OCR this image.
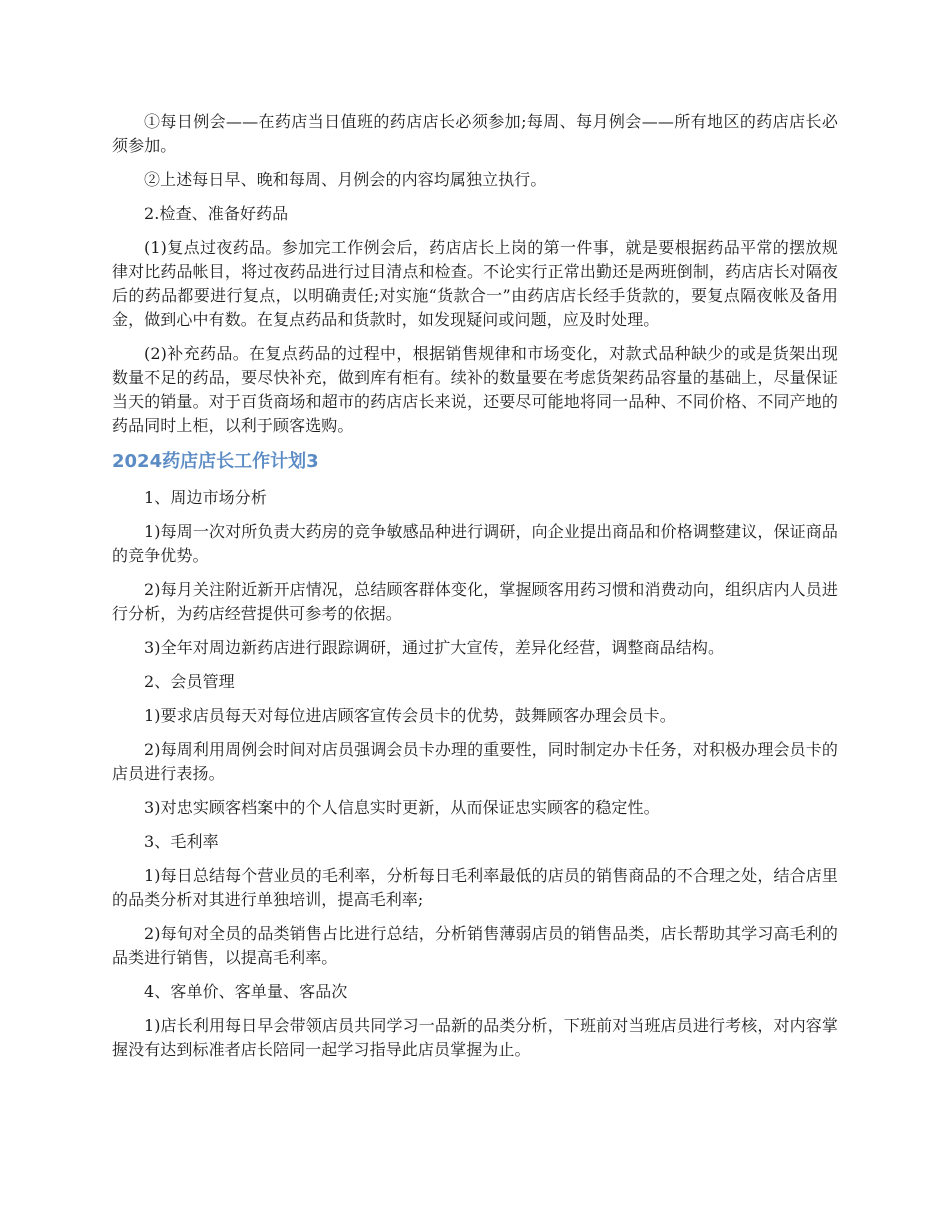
①每日例会——在药店当日值班的药店店长必须参加;每周、每月例会——所有地区的药店店长必须参加。

②上述每日早、晚和每周、月例会的内容均属独立执行。

2.检查、准备好药品

(1)复点过夜药品。参加完工作例会后，药店店长上岗的第一件事，就是要根据药品平常的摆放规律对比药品帐目，将过夜药品进行过目清点和检查。不论实行正常出勤还是两班倒制，药店店长对隔夜后的药品都要进行复点，以明确责任;对实施“货款合一”由药店店长经手货款的，要复点隔夜帐及备用金，做到心中有数。在复点药品和货款时，如发现疑问或问题，应及时处理。

(2)补充药品。在复点药品的过程中，根据销售规律和市场变化，对款式品种缺少的或是货架出现数量不足的药品，要尽快补充，做到库有柜有。续补的数量要在考虑货架药品容量的基础上，尽量保证当天的销量。对于百货商场和超市的药店店长来说，还要尽可能地将同一品种、不同价格、不同产地的药品同时上柜，以利于顾客选购。

2024药店店长工作计划3

1、周边市场分析

1)每周一次对所负责大药房的竞争敏感品种进行调研，向企业提出商品和价格调整建议，保证商品的竞争优势。

2)每月关注附近新开店情况，总结顾客群体变化，掌握顾客用药习惯和消费动向，组织店内人员进行分析，为药店经营提供可参考的依据。

3)全年对周边新药店进行跟踪调研，通过扩大宣传，差异化经营，调整商品结构。

2、会员管理

1)要求店员每天对每位进店顾客宣传会员卡的优势，鼓舞顾客办理会员卡。

2)每周利用周例会时间对店员强调会员卡办理的重要性，同时制定办卡任务，对积极办理会员卡的店员进行表扬。

3)对忠实顾客档案中的个人信息实时更新，从而保证忠实顾客的稳定性。

3、毛利率

1)每日总结每个营业员的毛利率，分析每日毛利率最低的店员的销售商品的不合理之处，结合店里的品类分析对其进行单独培训，提高毛利率;

2)每旬对全员的品类销售占比进行总结，分析销售薄弱店员的销售品类，店长帮助其学习高毛利的品类进行销售，以提高毛利率。

4、客单价、客单量、客品次

1)店长利用每日早会带领店员共同学习一品新的品类分析，下班前对当班店员进行考核，对内容掌握没有达到标准者店长陪同一起学习指导此店员掌握为止。
